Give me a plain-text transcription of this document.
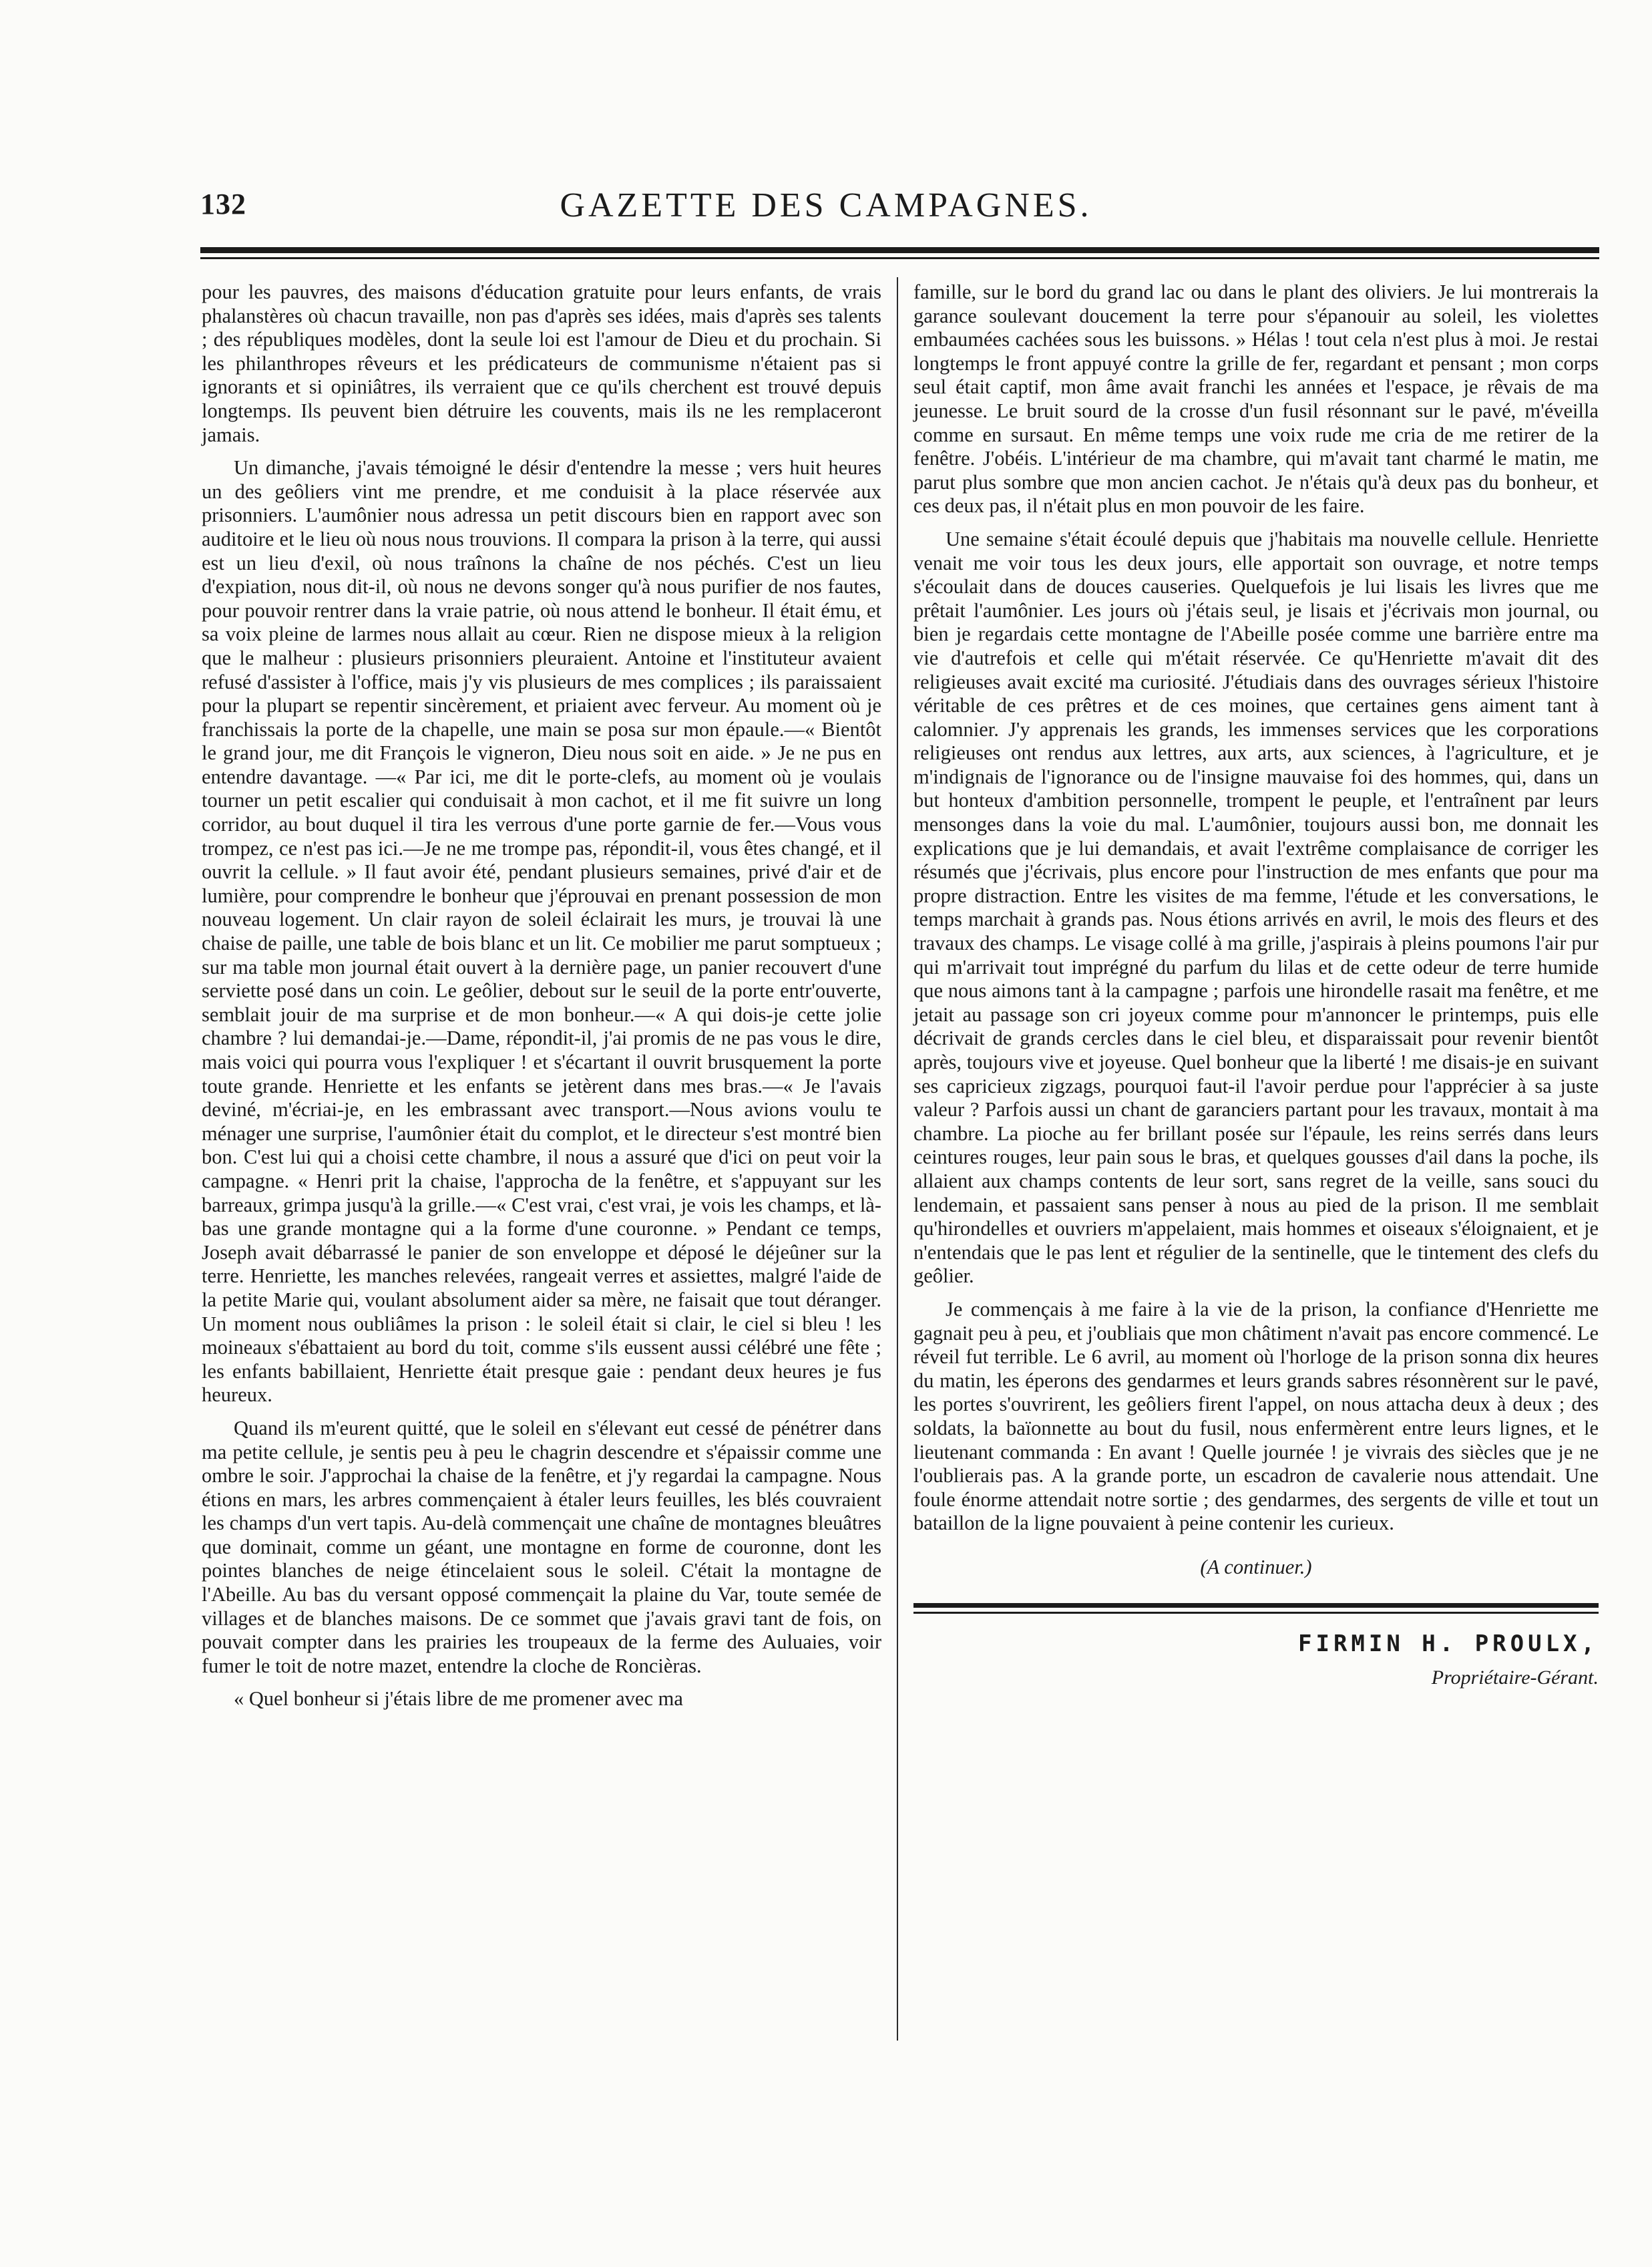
132	GAZETTE DES CAMPAGNES.

pour les pauvres, des maisons d'éducation gratuite pour leurs enfants, de vrais phalanstères où chacun travaille, non pas d'après ses idées, mais d'après ses talents ; des républiques modèles, dont la seule loi est l'amour de Dieu et du prochain. Si les philanthropes rêveurs et les prédicateurs de communisme n'étaient pas si ignorants et si opiniâtres, ils verraient que ce qu'ils cherchent est trouvé depuis longtemps. Ils peuvent bien détruire les couvents, mais ils ne les remplaceront jamais.

Un dimanche, j'avais témoigné le désir d'entendre la messe ; vers huit heures un des geôliers vint me prendre, et me conduisit à la place réservée aux prisonniers. L'aumônier nous adressa un petit discours bien en rapport avec son auditoire et le lieu où nous nous trouvions. Il compara la prison à la terre, qui aussi est un lieu d'exil, où nous traînons la chaîne de nos péchés. C'est un lieu d'expiation, nous dit-il, où nous ne devons songer qu'à nous purifier de nos fautes, pour pouvoir rentrer dans la vraie patrie, où nous attend le bonheur. Il était ému, et sa voix pleine de larmes nous allait au cœur. Rien ne dispose mieux à la religion que le malheur : plusieurs prisonniers pleuraient. Antoine et l'instituteur avaient refusé d'assister à l'office, mais j'y vis plusieurs de mes complices ; ils paraissaient pour la plupart se repentir sincèrement, et priaient avec ferveur. Au moment où je franchissais la porte de la chapelle, une main se posa sur mon épaule.—« Bientôt le grand jour, me dit François le vigneron, Dieu nous soit en aide. » Je ne pus en entendre davantage. —« Par ici, me dit le porte-clefs, au moment où je voulais tourner un petit escalier qui conduisait à mon cachot, et il me fit suivre un long corridor, au bout duquel il tira les verrous d'une porte garnie de fer.—Vous vous trompez, ce n'est pas ici.—Je ne me trompe pas, répondit-il, vous êtes changé, et il ouvrit la cellule. » Il faut avoir été, pendant plusieurs semaines, privé d'air et de lumière, pour comprendre le bonheur que j'éprouvai en prenant possession de mon nouveau logement. Un clair rayon de soleil éclairait les murs, je trouvai là une chaise de paille, une table de bois blanc et un lit. Ce mobilier me parut somptueux ; sur ma table mon journal était ouvert à la dernière page, un panier recouvert d'une serviette posé dans un coin. Le geôlier, debout sur le seuil de la porte entr'ouverte, semblait jouir de ma surprise et de mon bonheur.—« A qui dois-je cette jolie chambre ? lui demandai-je.—Dame, répondit-il, j'ai promis de ne pas vous le dire, mais voici qui pourra vous l'expliquer ! et s'écartant il ouvrit brusquement la porte toute grande. Henriette et les enfants se jetèrent dans mes bras.—« Je l'avais deviné, m'écriai-je, en les embrassant avec transport.—Nous avions voulu te ménager une surprise, l'aumônier était du complot, et le directeur s'est montré bien bon. C'est lui qui a choisi cette chambre, il nous a assuré que d'ici on peut voir la campagne. « Henri prit la chaise, l'approcha de la fenêtre, et s'appuyant sur les barreaux, grimpa jusqu'à la grille.—« C'est vrai, c'est vrai, je vois les champs, et là-bas une grande montagne qui a la forme d'une couronne. » Pendant ce temps, Joseph avait débarrassé le panier de son enveloppe et déposé le déjeûner sur la terre. Henriette, les manches relevées, rangeait verres et assiettes, malgré l'aide de la petite Marie qui, voulant absolument aider sa mère, ne faisait que tout déranger. Un moment nous oubliâmes la prison : le soleil était si clair, le ciel si bleu ! les moineaux s'ébattaient au bord du toit, comme s'ils eussent aussi célébré une fête ; les enfants babillaient, Henriette était presque gaie : pendant deux heures je fus heureux.

Quand ils m'eurent quitté, que le soleil en s'élevant eut cessé de pénétrer dans ma petite cellule, je sentis peu à peu le chagrin descendre et s'épaissir comme une ombre le soir. J'approchai la chaise de la fenêtre, et j'y regardai la campagne. Nous étions en mars, les arbres commençaient à étaler leurs feuilles, les blés couvraient les champs d'un vert tapis. Au-delà commençait une chaîne de montagnes bleuâtres que dominait, comme un géant, une montagne en forme de couronne, dont les pointes blanches de neige étincelaient sous le soleil. C'était la montagne de l'Abeille. Au bas du versant opposé commençait la plaine du Var, toute semée de villages et de blanches maisons. De ce sommet que j'avais gravi tant de fois, on pouvait compter dans les prairies les troupeaux de la ferme des Auluaies, voir fumer le toit de notre mazet, entendre la cloche de Roncièras.

« Quel bonheur si j'étais libre de me promener avec ma

famille, sur le bord du grand lac ou dans le plant des oliviers. Je lui montrerais la garance soulevant doucement la terre pour s'épanouir au soleil, les violettes embaumées cachées sous les buissons. » Hélas ! tout cela n'est plus à moi. Je restai longtemps le front appuyé contre la grille de fer, regardant et pensant ; mon corps seul était captif, mon âme avait franchi les années et l'espace, je rêvais de ma jeunesse. Le bruit sourd de la crosse d'un fusil résonnant sur le pavé, m'éveilla comme en sursaut. En même temps une voix rude me cria de me retirer de la fenêtre. J'obéis. L'intérieur de ma chambre, qui m'avait tant charmé le matin, me parut plus sombre que mon ancien cachot. Je n'étais qu'à deux pas du bonheur, et ces deux pas, il n'était plus en mon pouvoir de les faire.

Une semaine s'était écoulé depuis que j'habitais ma nouvelle cellule. Henriette venait me voir tous les deux jours, elle apportait son ouvrage, et notre temps s'écoulait dans de douces causeries. Quelquefois je lui lisais les livres que me prêtait l'aumônier. Les jours où j'étais seul, je lisais et j'écrivais mon journal, ou bien je regardais cette montagne de l'Abeille posée comme une barrière entre ma vie d'autrefois et celle qui m'était réservée. Ce qu'Henriette m'avait dit des religieuses avait excité ma curiosité. J'étudiais dans des ouvrages sérieux l'histoire véritable de ces prêtres et de ces moines, que certaines gens aiment tant à calomnier. J'y apprenais les grands, les immenses services que les corporations religieuses ont rendus aux lettres, aux arts, aux sciences, à l'agriculture, et je m'indignais de l'ignorance ou de l'insigne mauvaise foi des hommes, qui, dans un but honteux d'ambition personnelle, trompent le peuple, et l'entraînent par leurs mensonges dans la voie du mal. L'aumônier, toujours aussi bon, me donnait les explications que je lui demandais, et avait l'extrême complaisance de corriger les résumés que j'écrivais, plus encore pour l'instruction de mes enfants que pour ma propre distraction. Entre les visites de ma femme, l'étude et les conversations, le temps marchait à grands pas. Nous étions arrivés en avril, le mois des fleurs et des travaux des champs. Le visage collé à ma grille, j'aspirais à pleins poumons l'air pur qui m'arrivait tout imprégné du parfum du lilas et de cette odeur de terre humide que nous aimons tant à la campagne ; parfois une hirondelle rasait ma fenêtre, et me jetait au passage son cri joyeux comme pour m'annoncer le printemps, puis elle décrivait de grands cercles dans le ciel bleu, et disparaissait pour revenir bientôt après, toujours vive et joyeuse. Quel bonheur que la liberté ! me disais-je en suivant ses capricieux zigzags, pourquoi faut-il l'avoir perdue pour l'apprécier à sa juste valeur ? Parfois aussi un chant de garanciers partant pour les travaux, montait à ma chambre. La pioche au fer brillant posée sur l'épaule, les reins serrés dans leurs ceintures rouges, leur pain sous le bras, et quelques gousses d'ail dans la poche, ils allaient aux champs contents de leur sort, sans regret de la veille, sans souci du lendemain, et passaient sans penser à nous au pied de la prison. Il me semblait qu'hirondelles et ouvriers m'appelaient, mais hommes et oiseaux s'éloignaient, et je n'entendais que le pas lent et régulier de la sentinelle, que le tintement des clefs du geôlier.

Je commençais à me faire à la vie de la prison, la confiance d'Henriette me gagnait peu à peu, et j'oubliais que mon châtiment n'avait pas encore commencé. Le réveil fut terrible. Le 6 avril, au moment où l'horloge de la prison sonna dix heures du matin, les éperons des gendarmes et leurs grands sabres résonnèrent sur le pavé, les portes s'ouvrirent, les geôliers firent l'appel, on nous attacha deux à deux ; des soldats, la baïonnette au bout du fusil, nous enfermèrent entre leurs lignes, et le lieutenant commanda : En avant ! Quelle journée ! je vivrais des siècles que je ne l'oublierais pas. A la grande porte, un escadron de cavalerie nous attendait. Une foule énorme attendait notre sortie ; des gendarmes, des sergents de ville et tout un bataillon de la ligne pouvaient à peine contenir les curieux.

(A continuer.)

FIRMIN H. PROULX,

Propriétaire-Gérant.
